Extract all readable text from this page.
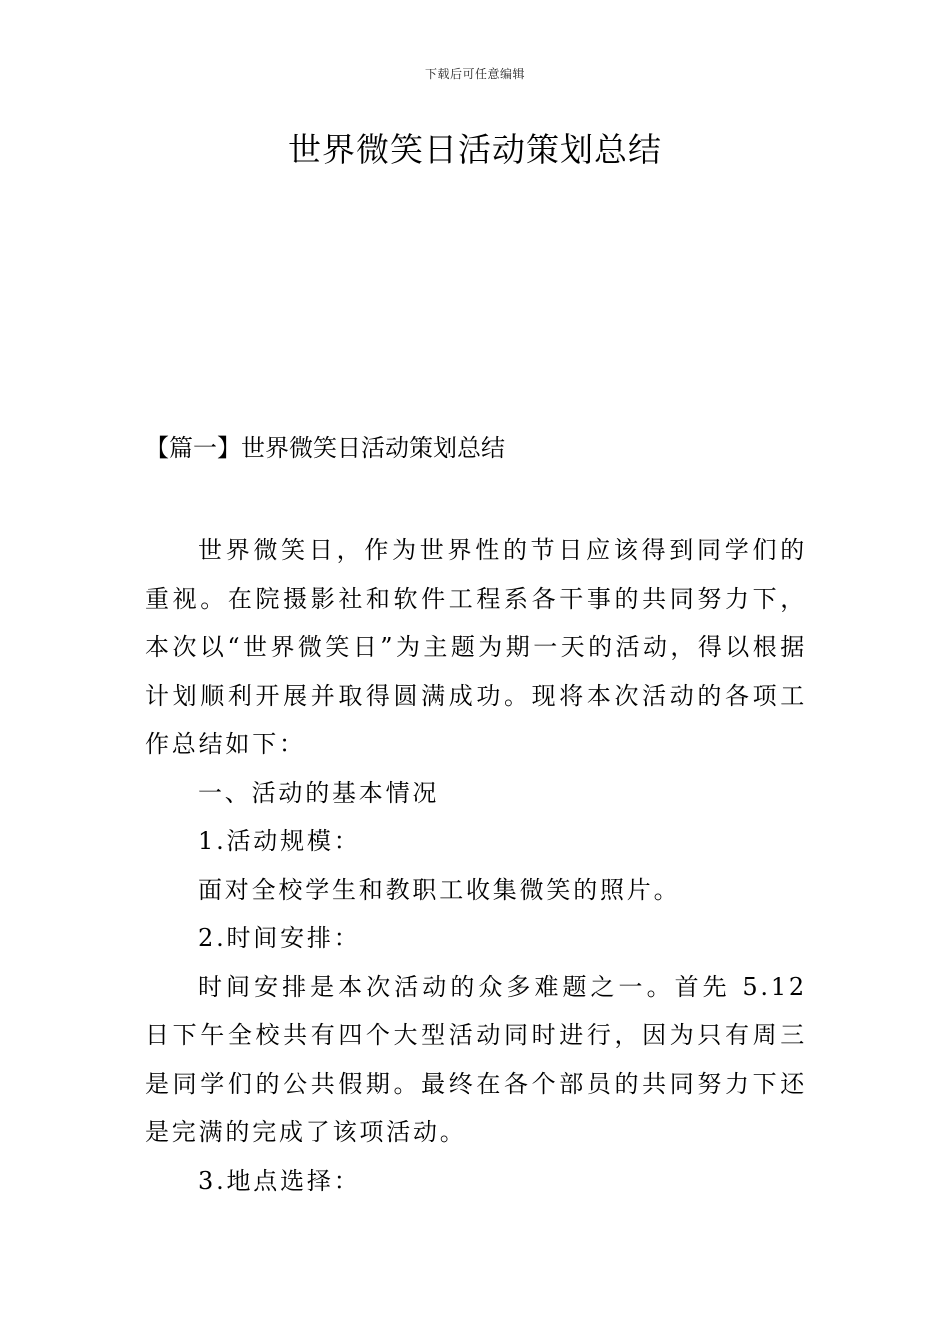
下载后可任意编辑
世界微笑日活动策划总结
【篇一】世界微笑日活动策划总结

世界微笑日，作为世界性的节日应该得到同学们的重视。在院摄影社和软件工程系各干事的共同努力下，本次以“世界微笑日”为主题为期一天的活动，得以根据计划顺利开展并取得圆满成功。现将本次活动的各项工作总结如下：

一、活动的基本情况

1.活动规模：

面对全校学生和教职工收集微笑的照片。

2.时间安排：

时间安排是本次活动的众多难题之一。首先 5.12 日下午全校共有四个大型活动同时进行，因为只有周三是同学们的公共假期。最终在各个部员的共同努力下还是完满的完成了该项活动。

3.地点选择：
